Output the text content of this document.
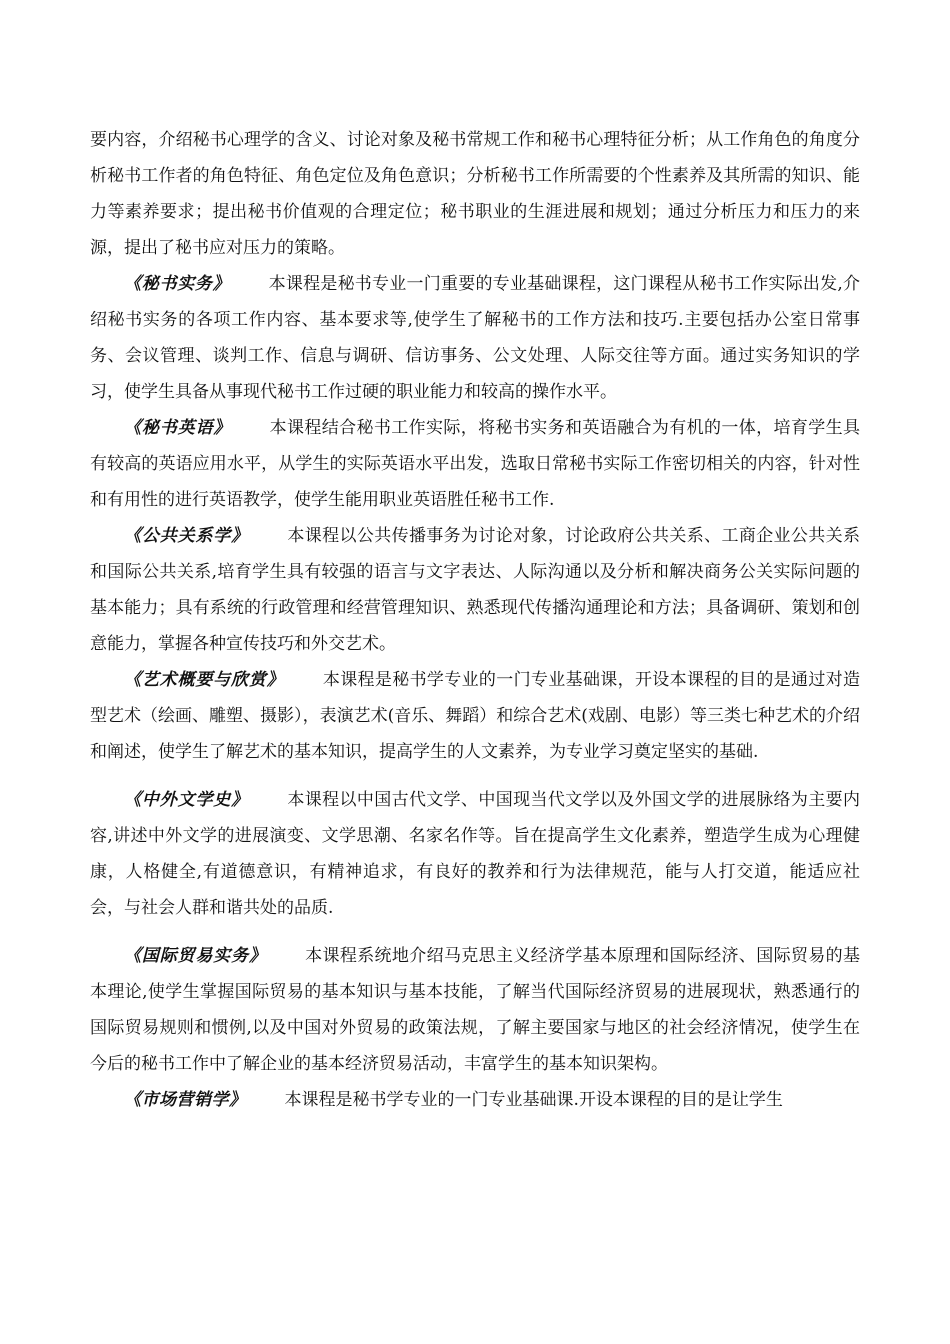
要内容，介绍秘书心理学的含义、讨论对象及秘书常规工作和秘书心理特征分析；从工作角色的角度分析秘书工作者的角色特征、角色定位及角色意识；分析秘书工作所需要的个性素养及其所需的知识、能力等素养要求；提出秘书价值观的合理定位；秘书职业的生涯进展和规划；通过分析压力和压力的来源，提出了秘书应对压力的策略。

《秘书实务》 本课程是秘书专业一门重要的专业基础课程，这门课程从秘书工作实际出发,介绍秘书实务的各项工作内容、基本要求等,使学生了解秘书的工作方法和技巧.主要包括办公室日常事务、会议管理、谈判工作、信息与调研、信访事务、公文处理、人际交往等方面。通过实务知识的学习，使学生具备从事现代秘书工作过硬的职业能力和较高的操作水平。

《秘书英语》 本课程结合秘书工作实际，将秘书实务和英语融合为有机的一体，培育学生具有较高的英语应用水平，从学生的实际英语水平出发，选取日常秘书实际工作密切相关的内容，针对性和有用性的进行英语教学，使学生能用职业英语胜任秘书工作.

《公共关系学》 本课程以公共传播事务为讨论对象，讨论政府公共关系、工商企业公共关系和国际公共关系,培育学生具有较强的语言与文字表达、人际沟通以及分析和解决商务公关实际问题的基本能力；具有系统的行政管理和经营管理知识、熟悉现代传播沟通理论和方法；具备调研、策划和创意能力，掌握各种宣传技巧和外交艺术。

《艺术概要与欣赏》 本课程是秘书学专业的一门专业基础课，开设本课程的目的是通过对造型艺术（绘画、雕塑、摄影），表演艺术(音乐、舞蹈）和综合艺术(戏剧、电影）等三类七种艺术的介绍和阐述，使学生了解艺术的基本知识，提高学生的人文素养，为专业学习奠定坚实的基础.

《中外文学史》 本课程以中国古代文学、中国现当代文学以及外国文学的进展脉络为主要内容,讲述中外文学的进展演变、文学思潮、名家名作等。旨在提高学生文化素养，塑造学生成为心理健康，人格健全,有道德意识，有精神追求，有良好的教养和行为法律规范，能与人打交道，能适应社会，与社会人群和谐共处的品质.

《国际贸易实务》 本课程系统地介绍马克思主义经济学基本原理和国际经济、国际贸易的基本理论,使学生掌握国际贸易的基本知识与基本技能，了解当代国际经济贸易的进展现状，熟悉通行的国际贸易规则和惯例,以及中国对外贸易的政策法规，了解主要国家与地区的社会经济情况，使学生在今后的秘书工作中了解企业的基本经济贸易活动，丰富学生的基本知识架构。

《市场营销学》 本课程是秘书学专业的一门专业基础课.开设本课程的目的是让学生
